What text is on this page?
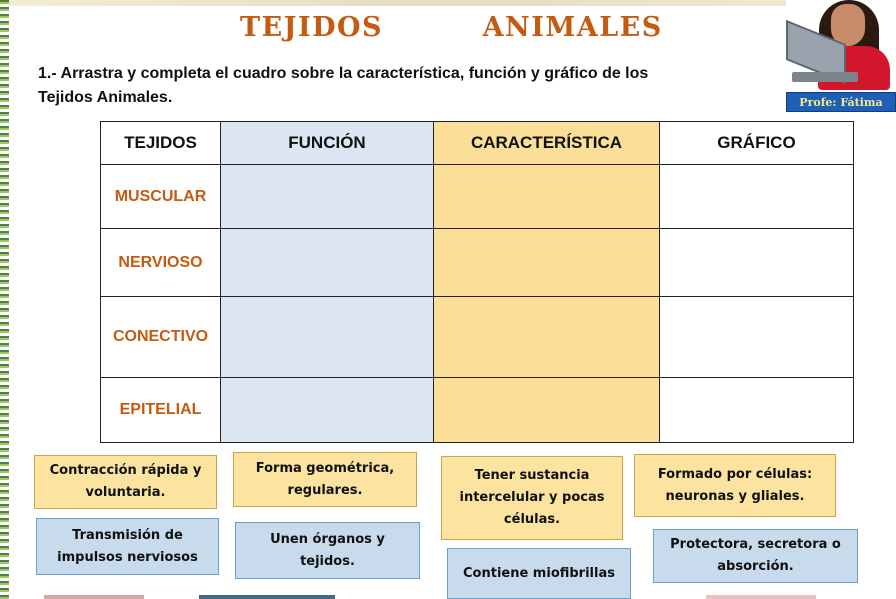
TEJIDOS    ANIMALES
1.- Arrastra y completa el cuadro sobre la característica, función y gráfico de los
Tejidos Animales.	Profe: Fátima
TEJIDOS	FUNCIÓN	CARACTERÍSTICA	GRÁFICO
MUSCULAR			
NERVIOSO			
CONECTIVO			
EPITELIAL			
Contracción rápida y voluntaria.
Forma geométrica, regulares.
Tener sustancia intercelular y pocas células.
Formado por células: neuronas y gliales.
Transmisión de impulsos nerviosos
Unen órganos y tejidos.
Contiene miofibrillas
Protectora, secretora o absorción.
